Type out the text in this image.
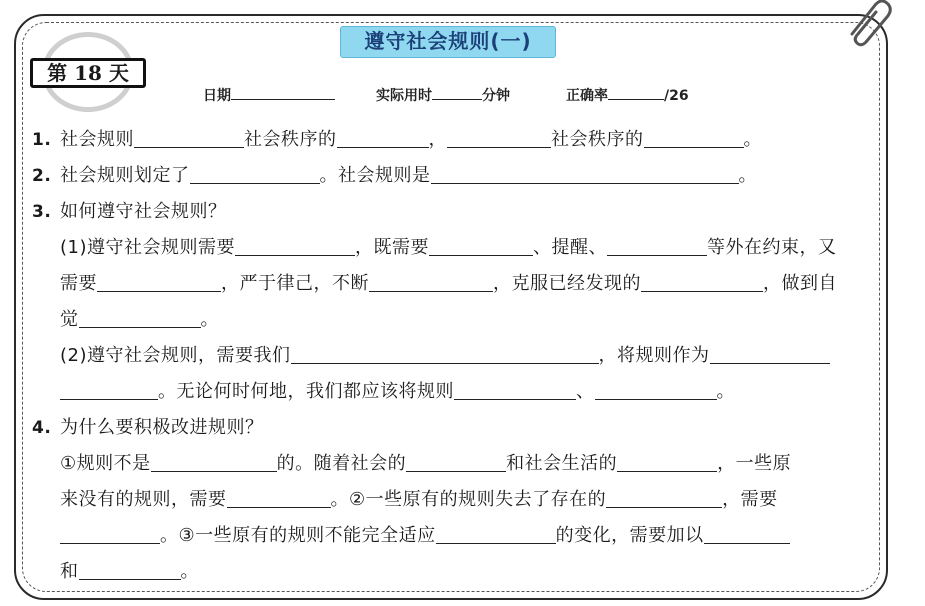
遵守社会规则(一)
第 18 天
日期	实际用时	分钟	正确率	/26
1. 社会规则	社会秩序的	，	社会秩序的	。
2. 社会规则划定了	。社会规则是	。
3. 如何遵守社会规则？
(1)遵守社会规则需要	，既需要	、提醒、	等外在约束，又
需要	，严于律己，不断	，克服已经发现的	，做到自
觉	。
(2)遵守社会规则，需要我们	，将规则作为
。无论何时何地，我们都应该将规则	、	。
4. 为什么要积极改进规则？
①规则不是	的。随着社会的	和社会生活的	，一些原
来没有的规则，需要	。②一些原有的规则失去了存在的	，需要
。③一些原有的规则不能完全适应	的变化，需要加以
和	。
